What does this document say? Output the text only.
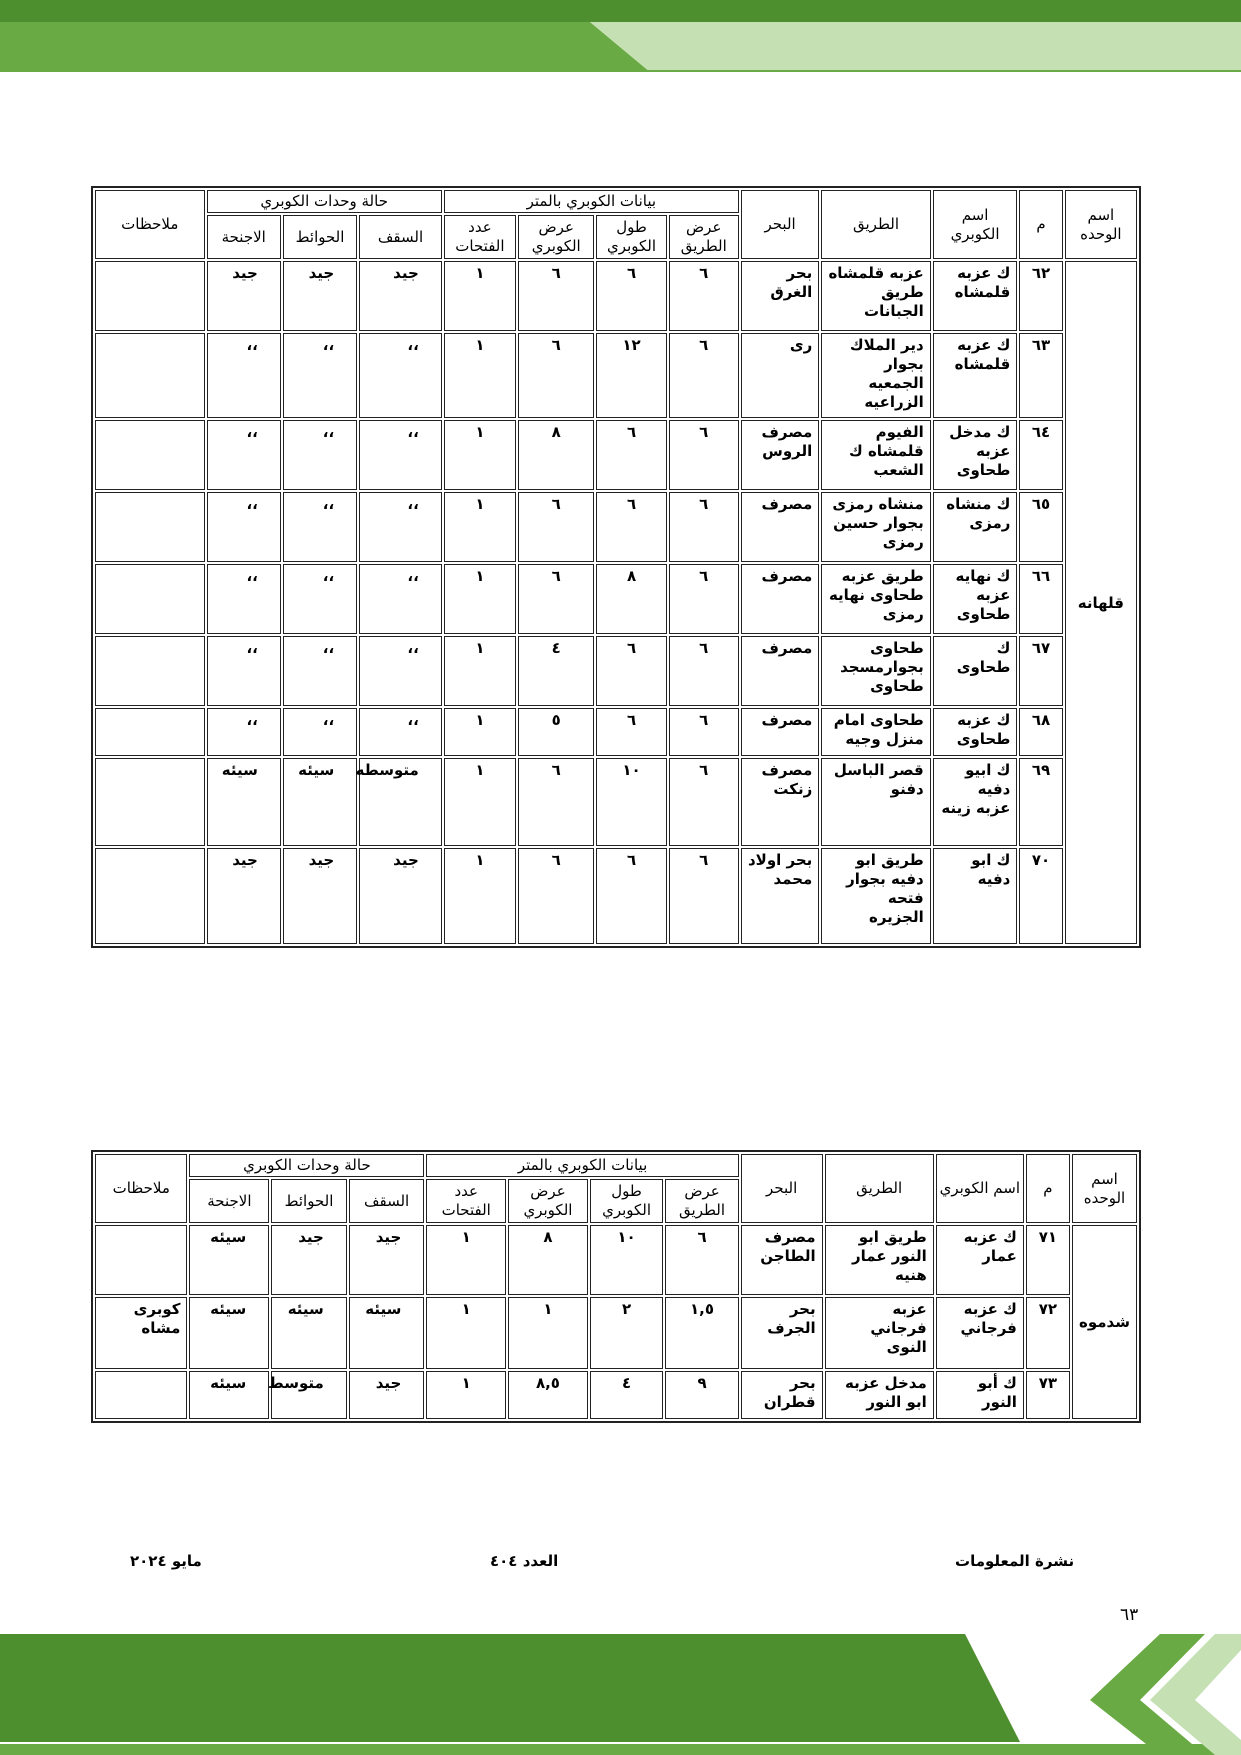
اسم الوحده	م	اسم الكوبري	الطريق	البحر	بيانات الكوبري بالمتر				حالة وحدات الكوبري			ملاحظات
					عرض الطريق	طول الكوبري	عرض الكوبري	عدد الفتحات	السقف	الحوائط	الاجنحة	
قلهانه	٦٢	ك عزبه قلمشاه	عزبه قلمشاه طريق الجبانات	بحر الغرق	٦	٦	٦	١	جيد	جيد	جيد	
	٦٣	ك عزبه قلمشاه	دير الملاك بجوار الجمعيه الزراعيه	رى	٦	١٢	٦	١	،،	،،	،،	
	٦٤	ك مدخل عزبه طحاوى	الفيوم قلمشاه ك الشعب	مصرف الروس	٦	٦	٨	١	،،	،،	،،	
	٦٥	ك منشاه رمزى	منشاه رمزى بجوار حسين رمزى	مصرف	٦	٦	٦	١	،،	،،	،،	
	٦٦	ك نهايه عزبه طحاوى	طريق عزبه طحاوى نهايه رمزى	مصرف	٦	٨	٦	١	،،	،،	،،	
	٦٧	ك طحاوى	طحاوى بجوارمسجد طحاوى	مصرف	٦	٦	٤	١	،،	،،	،،	
	٦٨	ك عزبه طحاوى	طحاوى امام منزل وجيه	مصرف	٦	٦	٥	١	،،	،،	،،	
	٦٩	ك ابيو دفيه عزبه زينه	قصر الباسل دفنو	مصرف زنكت	٦	١٠	٦	١	متوسطه	سيئه	سيئه	
	٧٠	ك ابو دفيه	طريق ابو دفيه بجوار فتحه الجزيره	بحر اولاد محمد	٦	٦	٦	١	جيد	جيد	جيد	
اسم الوحده	م	اسم الكوبري	الطريق	البحر	بيانات الكوبري بالمتر				حالة وحدات الكوبري			ملاحظات
					عرض الطريق	طول الكوبري	عرض الكوبري	عدد الفتحات	السقف	الحوائط	الاجنحة	
شدموه	٧١	ك عزبه عمار	طريق ابو النور عمار هنيه	مصرف الطاجن	٦	١٠	٨	١	جيد	جيد	سيئه	
	٧٢	ك عزبه فرجاني	عزبه فرجاني النوى	بحر الجرف	١,٥	٢	١	١	سيئه	سيئه	سيئه	كوبرى مشاه
	٧٣	ك أبو النور	مدخل عزبه ابو النور	بحر قطران	٩	٤	٨,٥	١	جيد	متوسط	سيئه	
نشرة المعلومات
العدد ٤٠٤
مايو ٢٠٢٤
٦٣
